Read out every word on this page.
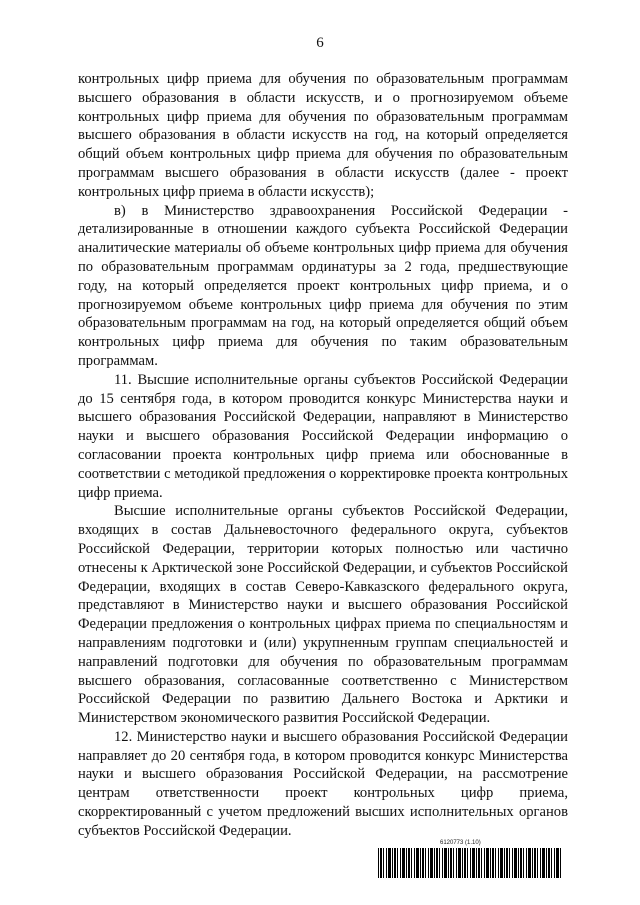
6

контрольных цифр приема для обучения по образовательным программам высшего образования в области искусств, и о прогнозируемом объеме контрольных цифр приема для обучения по образовательным программам высшего образования в области искусств на год, на который определяется общий объем контрольных цифр приема для обучения по образовательным программам высшего образования в области искусств (далее - проект контрольных цифр приема в области искусств);

в) в Министерство здравоохранения Российской Федерации - детализированные в отношении каждого субъекта Российской Федерации аналитические материалы об объеме контрольных цифр приема для обучения по образовательным программам ординатуры за 2 года, предшествующие году, на который определяется проект контрольных цифр приема, и о прогнозируемом объеме контрольных цифр приема для обучения по этим образовательным программам на год, на который определяется общий объем контрольных цифр приема для обучения по таким образовательным программам.

11. Высшие исполнительные органы субъектов Российской Федерации до 15 сентября года, в котором проводится конкурс Министерства науки и высшего образования Российской Федерации, направляют в Министерство науки и высшего образования Российской Федерации информацию о согласовании проекта контрольных цифр приема или обоснованные в соответствии с методикой предложения о корректировке проекта контрольных цифр приема.

Высшие исполнительные органы субъектов Российской Федерации, входящих в состав Дальневосточного федерального округа, субъектов Российской Федерации, территории которых полностью или частично отнесены к Арктической зоне Российской Федерации, и субъектов Российской Федерации, входящих в состав Северо-Кавказского федерального округа, представляют в Министерство науки и высшего образования Российской Федерации предложения о контрольных цифрах приема по специальностям и направлениям подготовки и (или) укрупненным группам специальностей и направлений подготовки для обучения по образовательным программам высшего образования, согласованные соответственно с Министерством Российской Федерации по развитию Дальнего Востока и Арктики и Министерством экономического развития Российской Федерации.

12. Министерство науки и высшего образования Российской Федерации направляет до 20 сентября года, в котором проводится конкурс Министерства науки и высшего образования Российской Федерации, на рассмотрение центрам ответственности проект контрольных цифр приема, скорректированный с учетом предложений высших исполнительных органов субъектов Российской Федерации.

6120773 (1.10)
